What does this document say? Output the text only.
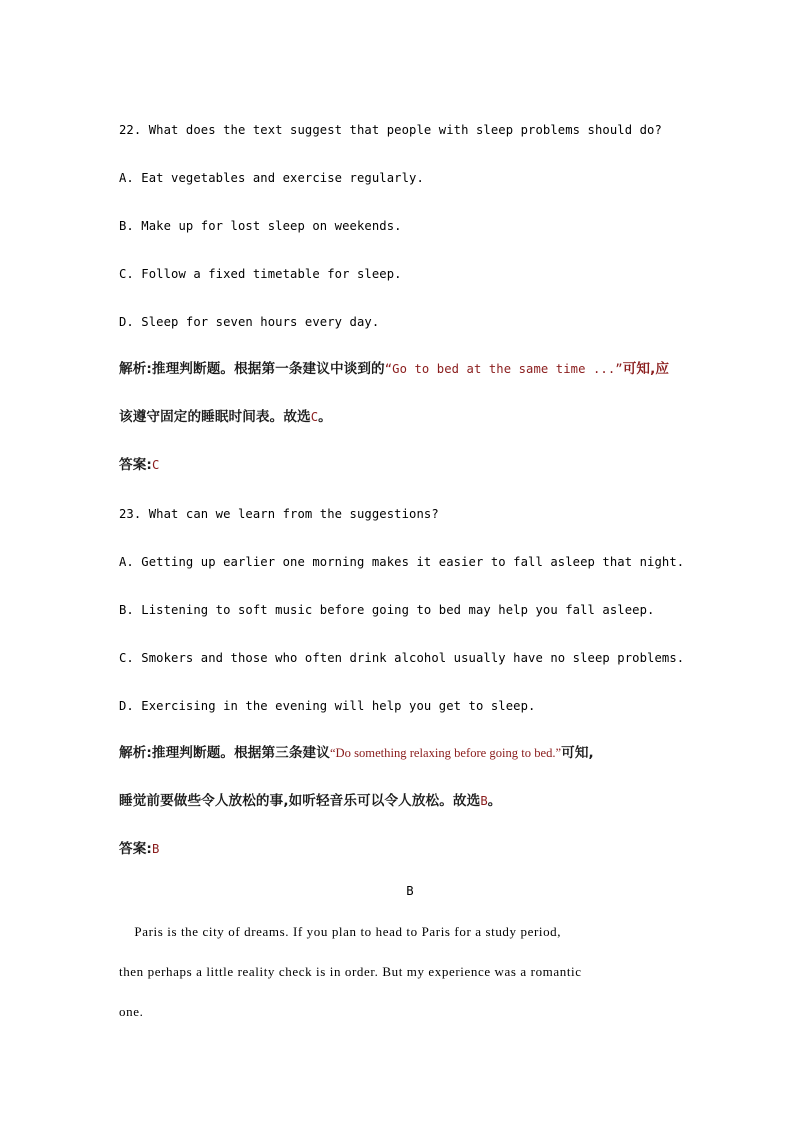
22. What does the text suggest that people with sleep problems should do?
A. Eat vegetables and exercise regularly.
B. Make up for lost sleep on weekends.
C. Follow a fixed timetable for sleep.
D. Sleep for seven hours every day.
解析:推理判断题。根据第一条建议中谈到的“Go to bed at the same time ...”可知,应
该遵守固定的睡眠时间表。故选C。
答案:C
23. What can we learn from the suggestions?
A. Getting up earlier one morning makes it easier to fall asleep that night.
B. Listening to soft music before going to bed may help you fall asleep.
C. Smokers and those who often drink alcohol usually have no sleep problems.
D. Exercising in the evening will help you get to sleep.
解析:推理判断题。根据第三条建议“Do something relaxing before going to bed.”可知,
睡觉前要做些令人放松的事,如听轻音乐可以令人放松。故选B。
答案:B
B
Paris is the city of dreams. If you plan to head to Paris for a study period,
then perhaps a little reality check is in order. But my experience was a romantic
one.
